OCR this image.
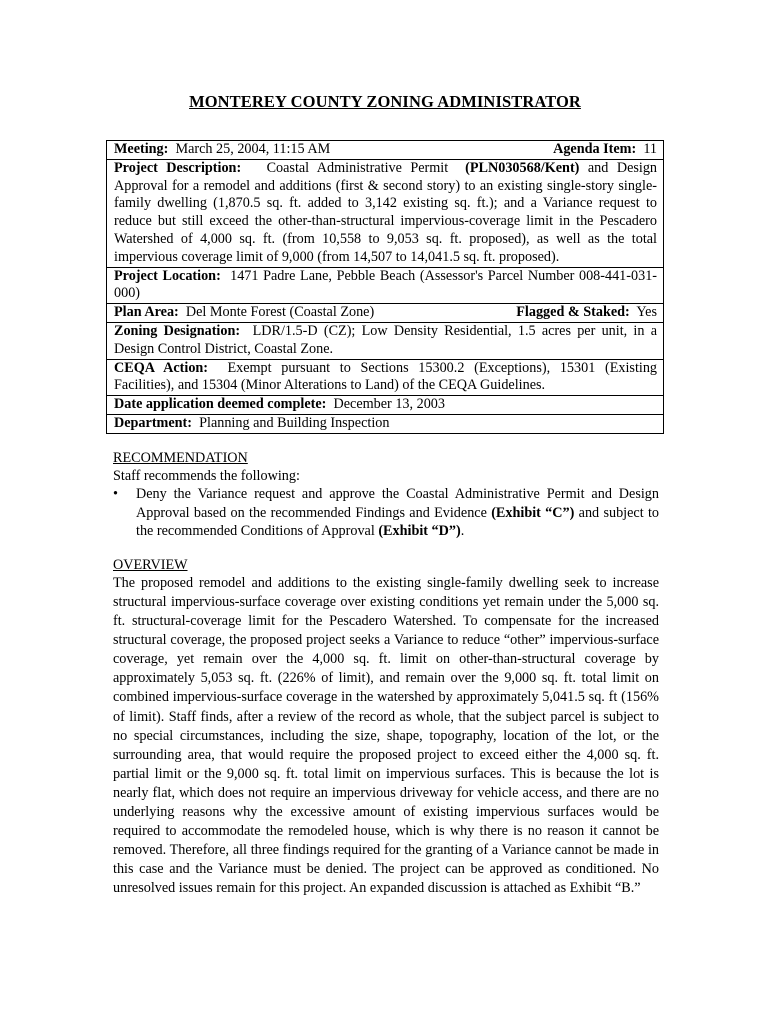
MONTEREY COUNTY ZONING ADMINISTRATOR
Meeting: March 25, 2004, 11:15 AM	Agenda Item: 11
Project Description: Coastal Administrative Permit (PLN030568/Kent) and Design Approval for a remodel and additions (first & second story) to an existing single-story single-family dwelling (1,870.5 sq. ft. added to 3,142 existing sq. ft.); and a Variance request to reduce but still exceed the other-than-structural impervious-coverage limit in the Pescadero Watershed of 4,000 sq. ft. (from 10,558 to 9,053 sq. ft. proposed), as well as the total impervious coverage limit of 9,000 (from 14,507 to 14,041.5 sq. ft. proposed).
Project Location: 1471 Padre Lane, Pebble Beach (Assessor's Parcel Number 008-441-031-000)
Plan Area: Del Monte Forest (Coastal Zone)	Flagged & Staked: Yes
Zoning Designation: LDR/1.5-D (CZ); Low Density Residential, 1.5 acres per unit, in a Design Control District, Coastal Zone.
CEQA Action: Exempt pursuant to Sections 15300.2 (Exceptions), 15301 (Existing Facilities), and 15304 (Minor Alterations to Land) of the CEQA Guidelines.
Date application deemed complete: December 13, 2003
Department: Planning and Building Inspection
RECOMMENDATION
Staff recommends the following:
•	Deny the Variance request and approve the Coastal Administrative Permit and Design Approval based on the recommended Findings and Evidence (Exhibit “C”) and subject to the recommended Conditions of Approval (Exhibit “D”).
OVERVIEW
The proposed remodel and additions to the existing single-family dwelling seek to increase structural impervious-surface coverage over existing conditions yet remain under the 5,000 sq. ft. structural-coverage limit for the Pescadero Watershed. To compensate for the increased structural coverage, the proposed project seeks a Variance to reduce “other” impervious-surface coverage, yet remain over the 4,000 sq. ft. limit on other-than-structural coverage by approximately 5,053 sq. ft. (226% of limit), and remain over the 9,000 sq. ft. total limit on combined impervious-surface coverage in the watershed by approximately 5,041.5 sq. ft (156% of limit). Staff finds, after a review of the record as whole, that the subject parcel is subject to no special circumstances, including the size, shape, topography, location of the lot, or the surrounding area, that would require the proposed project to exceed either the 4,000 sq. ft. partial limit or the 9,000 sq. ft. total limit on impervious surfaces. This is because the lot is nearly flat, which does not require an impervious driveway for vehicle access, and there are no underlying reasons why the excessive amount of existing impervious surfaces would be required to accommodate the remodeled house, which is why there is no reason it cannot be removed. Therefore, all three findings required for the granting of a Variance cannot be made in this case and the Variance must be denied. The project can be approved as conditioned. No unresolved issues remain for this project. An expanded discussion is attached as Exhibit “B.”
